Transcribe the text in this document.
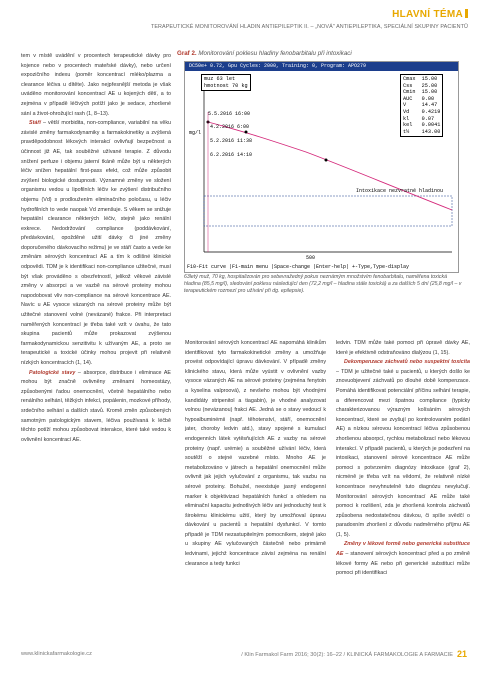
HLAVNÍ TÉMA
TERAPEUTICKÉ MONITOROVÁNÍ HLADIN ANTIEPILEPTIK II. – „NOVÁ" ANTIEPILEPTIKA, SPECIÁLNÍ SKUPINY PACIENTŮ

tem v místě uvádění v procentech terapeutické dávky pro kojence nebo v procentech mateřské dávky), nebo určení expozičního indexu (poměr koncentrací mléko/plazma a clearance léčiva u dítěte). Jako nejpřesnější metoda je však uváděno monitorování koncentrací AE u kojených dětí, a to zejména v případě léčivých potíží jako je sedace, zhoršené sání a život-ohrožující rash (1, 8–13).

Stáří – větší morbidita, non-compliance, variabilní na věku závislé změny farmakodynamiky a farmakokinetiky a zvýšená pravděpodobnost lékových interakcí ovlivňují bezpečnost a účinnost již AE, tak souběžné užívané terapie. Z důvodu snížení perfuze i objemu jaterní tkáně může být u některých léčiv snížen hepatální first-pass efekt, což může způsobit zvýšení biologické dostupnosti. Významné změny ve složení organismu vedou u lipofilních léčiv ke zvýšení distribučního objemu (Vd) s prodloužením eliminačního poločasu, u léčiv hydrofilních to vede naopak Vd zmenšuje. S věkem se snižuje hepatální clearance některých léčiv, stejně jako renální exkrece. Nedodržování compliance (poddávkování, předávkování, opožděné užití dávky či jiné změny doporučeného dávkovacího režimu) je ve stáří často a vede ke změnám sérových koncentrací AE a tím k odlišné klinické odpovědi. TDM je k identifikaci non-compliance užitečné, musí být však prováděno s obezřetností, jelikož věkové závislé změny v absorpci a ve vazbě na sérové proteiny mohou napodobovat vliv non-compliance na sérové koncentrace AE. Navíc u AE vysoce vázaných na sérové proteiny může být užitečné stanovení volné (nevázané) frakce. Při interpretaci naměřených koncentrací je třeba také vzít v úvahu, že tato skupina pacientů může prokazovat zvýšenou farmakodynamickou senzitivitu k užívaným AE, a proto se terapeutické a toxické účinky mohou projevit při relativně nízkých koncentracích (1, 14).

Patologické stavy – absorpce, distribuce i eliminace AE mohou být značně ovlivněny změnami homeostázy, způsobenými řadou onemocnění, včetně hepatálního nebo renálního selhání, těžkých infekcí, popálenin, mozkové příhody, srdečního selhání a dalších stavů. Kromě změn způsobených samotným patologickým stavem, léčiva používaná k léčbě těchto potíží mohou způsobovat interakce, které také vedou k ovlivnění koncentrací AE.

Graf 2. Monitorování poklesu hladiny fenobarbitalu při intoxikaci
DC50e+ 0.72, Gpu Cycles: 2000, Training: 0, Program: APO279
mg/l
5.5.2016 16:00
4.2.2016 6:00
5.2.2016 11:38
6.2.2016 14:10
Intoxikace nezvratné hladinou
500
muz 63 let
hmotnost 70 kg
Cmax  15.00
Css   25.00
Cmin  15.00
AUC   0.00
V     14.47
Vd    0.4219
kl    0.07
kel   0.0041
t½    143.00
F10-Fit curve |F1-main menu |Space-change |Enter-help| +-Type,Type-display
63letý muž, 70 kg, hospitalizován pro sebevražedný pokus neznámým množstvím fenobarbitalu, naměřena toxická hladina (85,5 mg/l), sledování poklesu následující den (72,2 mg/l – hladina stále toxická) a za dalších 5 dní (25,8 mg/l – v terapeutickém rozmezí pro užívání při dg. epilepsie).

Monitorování sérových koncentrací AE napomáhá klinikům identifikovat tyto farmakokinetické změny a umožňuje provést odpovídající úpravu dávkování. V případě změny klinického stavu, která může vyústit v ovlivnění vazby vysoce vázaných AE na sérové proteiny (zejména fenytoin a kyselina valproová), z nevšeho mohou být vhodnými kandidáty stripenitol a tiagabin), je vhodné analyzovat volnou (nevázanou) frakci AE. Jedná se o stavy vedoucí k hypoalbuminémii (např. těhotenství, stáří, onemocnění jater, choroby ledvin atd.), stavy spojené s kumulací endogenních látek vytěsňujících AE z vazby na sérové proteiny (např. urémie) a souběžné užívání léčiv, která soutěží o stejné vazebné místo. Mnoho AE je metabolizováno v játrech a hepatální onemocnění může ovlivnit jak jejich vylučování z organismu, tak vazbu na sérové proteiny. Bohužel, neexistuje jasný endogenní marker k objektivizaci hepatálních funkcí s ohledem na eliminační kapacitu jednotlivých léčiv ani jednoduchý test k širokému klinickému užití, který by umožňoval úpravu dávkování u pacientů s hepatální dysfunkcí. V tomto případě je TDM nezastupitelným pomocníkem, stejně jako u skupiny AE vylučovaných částečně nebo primárně ledvinami, jejichž koncentrace závisí zejména na renální clearance a tedy funkci

ledvin. TDM může také pomoci při úpravě dávky AE, které je efektivně odstraňováno dialýzou (1, 15).

Dekompenzace záchvatů nebo suspektní toxicita – TDM je užitečné také u pacientů, u kterých došlo ke znovuobjevení záchvatů po dlouhé době kompenzace. Pomáhá identifikovat potenciální příčinu selhání terapie, a diferencovat mezi špatnou compliance (typicky charakterizovanou výrazným kolísáním sérových koncentrací, které se zvyšují po kontrolovaném podání AE) a nízkou sérovou koncentrací léčiva způsobenou zhoršenou absorpcí, rychlou metabolizací nebo lékovou interakcí. V případě pacientů, u kterých je podezření na intoxikaci, stanovení sérové koncentrace AE může pomoci s potvrzením diagnózy intoxikace (graf 2), nicméně je třeba vzít na vědomí, že relativně nízké koncentrace nevyhnutelně tuto diagnózu nevylučují. Monitorování sérových koncentrací AE může také pomoci k rozlišení, zda je zhoršená kontrola záchvatů způsobena nedostatečnou dávkou, či spíše svědčí o paradoxním zhoršení z důvodu nadměrného příjmu AE (1, 5).

Změny v lékové formě nebo generická substituce AE – stanovení sérových koncentrací před a po změně lékové formy AE nebo při generické substituci může pomoci při identifikaci

www.klinickafarmakologie.cz	/ Klin Farmakol Farm 2016; 30(2): 16–22 / KLINICKÁ FARMAKOLOGIE A FARMACIE 21
